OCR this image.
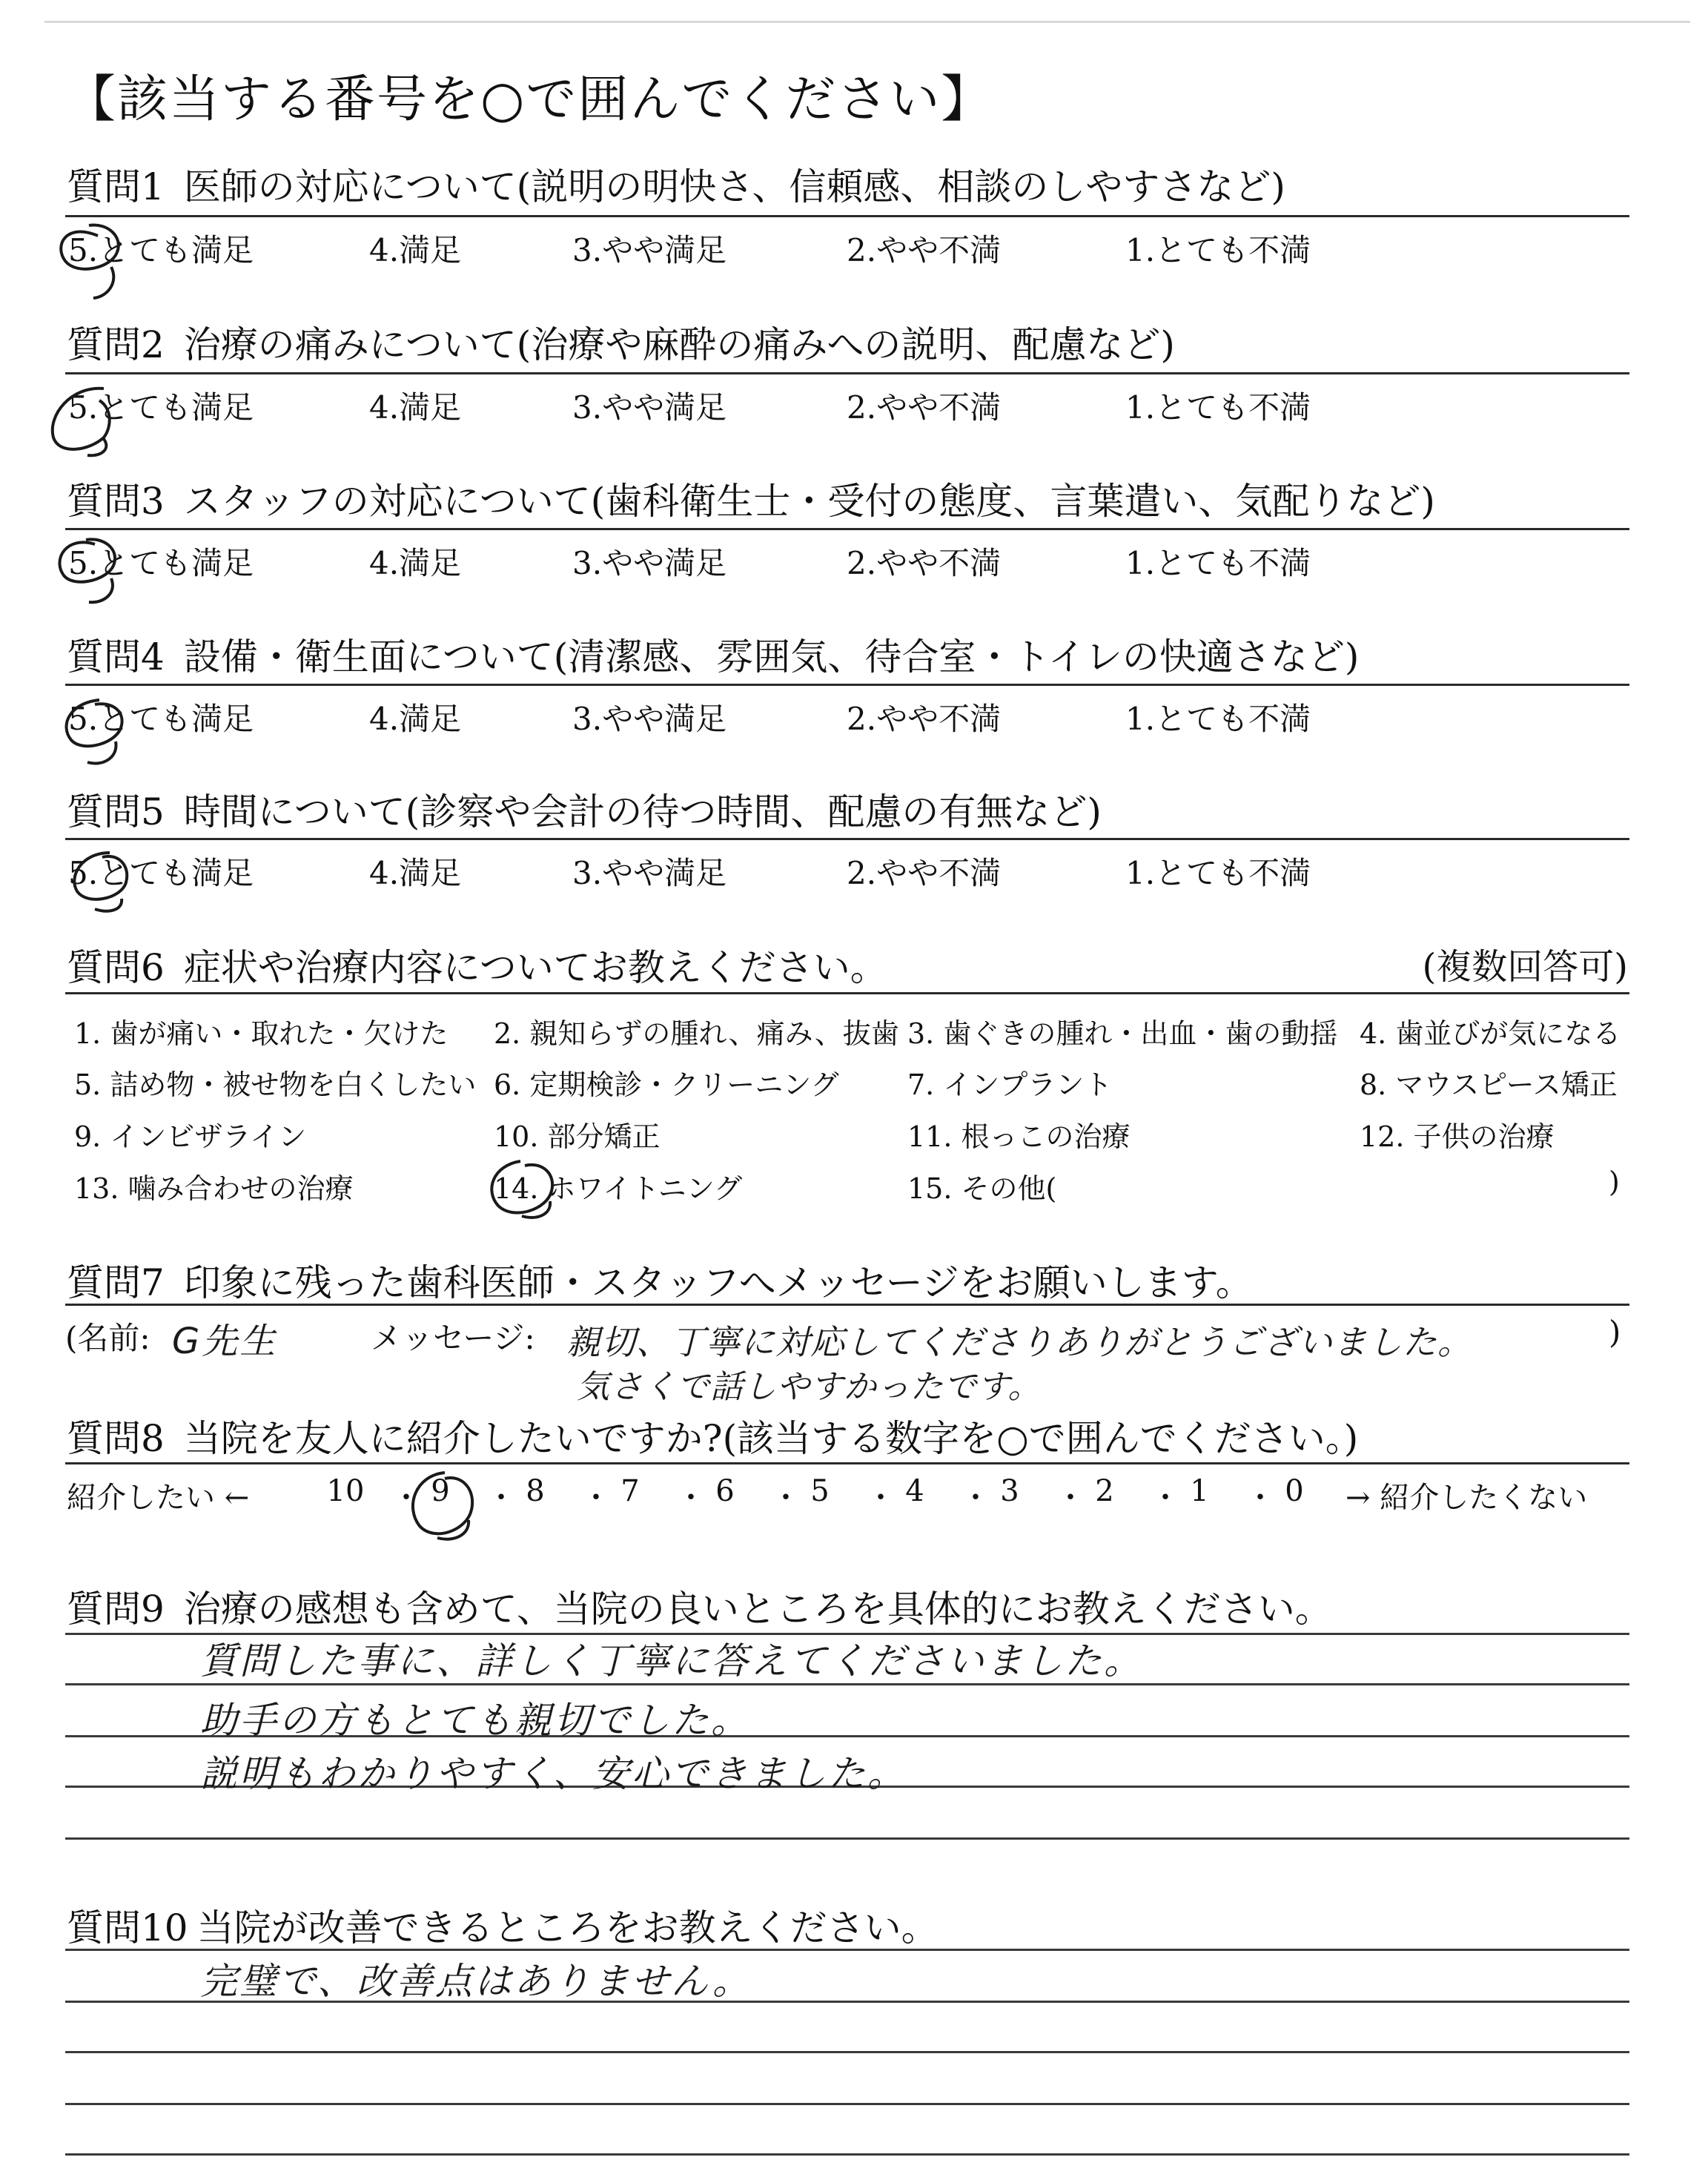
【該当する番号を○で囲んでください】
質問1 医師の対応について(説明の明快さ、信頼感、相談のしやすさなど)
5.とても満足	4.満足	3.やや満足	2.やや不満	1.とても不満
質問2 治療の痛みについて(治療や麻酔の痛みへの説明、配慮など)
5.とても満足	4.満足	3.やや満足	2.やや不満	1.とても不満
質問3 スタッフの対応について(歯科衛生士・受付の態度、言葉遣い、気配りなど)
5.とても満足	4.満足	3.やや満足	2.やや不満	1.とても不満
質問4 設備・衛生面について(清潔感、雰囲気、待合室・トイレの快適さなど)
5.とても満足	4.満足	3.やや満足	2.やや不満	1.とても不満
質問5 時間について(診察や会計の待つ時間、配慮の有無など)
5.とても満足	4.満足	3.やや満足	2.やや不満	1.とても不満
質問6 症状や治療内容についてお教えください。	(複数回答可)
1. 歯が痛い・取れた・欠けた 2. 親知らずの腫れ、痛み、抜歯 3. 歯ぐきの腫れ・出血・歯の動揺 4. 歯並びが気になる
5. 詰め物・被せ物を白くしたい 6. 定期検診・クリーニング 7. インプラント	8. マウスピース矯正
9. インビザライン	10. 部分矯正	11. 根っこの治療	12. 子供の治療
13. 噛み合わせの治療	14. ホワイトニング	15. その他(	)
質問7 印象に残った歯科医師・スタッフへメッセージをお願いします。
(名前: G先生	メッセージ: 親切、丁寧に対応してくださりありがとうございました。
気さくで話しやすかったです。
)
質問8 当院を友人に紹介したいですか?(該当する数字を○で囲んでください。)
紹介したい ←	10 ・ 9	・ 8	・ 7	・ 6	・ 5	・ 4	・ 3	・ 2	・ 1	・ 0	→ 紹介したくない
質問9 治療の感想も含めて、当院の良いところを具体的にお教えください。
質問した事に、詳しく丁寧に答えてくださいました。
助手の方もとても親切でした。
説明もわかりやすく、安心できました。
質問10 当院が改善できるところをお教えください。
完璧で、改善点はありません。
